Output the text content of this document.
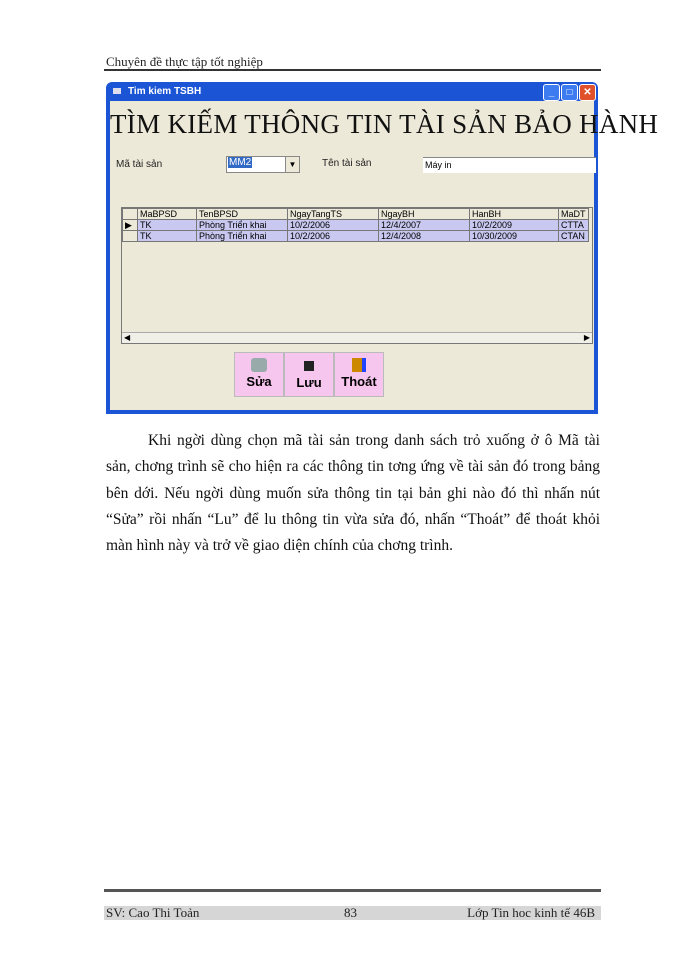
Chuyên đề thực tập tốt nghiệp
Tim kiem TSBH	_	□	✕
TÌM KIẾM THÔNG TIN TÀI SẢN BẢO HÀNH
Mã tài sản	MM2	▼	Tên tài sản	Máy in
	MaBPSD	TenBPSD	NgayTangTS	NgayBH	HanBH	MaDT
▶	TK	Phòng Triển khai	10/2/2006	12/4/2007	10/2/2009	CTTA
	TK	Phòng Triển khai	10/2/2006	12/4/2008	10/30/2009	CTAN
◀	▶
Sửa	Lưu	Thoát
Khi ngời dùng chọn mã tài sản trong danh sách trỏ xuống ở ô Mã tài sản, chơng trình sẽ cho hiện ra các thông tin tơng ứng về tài sản đó trong bảng bên dới. Nếu ngời dùng muốn sửa thông tin tại bản ghi nào đó thì nhấn nút “Sửa” rồi nhấn “Lu” để lu thông tin vừa sửa đó, nhấn “Thoát” để thoát khỏi màn hình này và trở về giao diện chính của chơng trình.
SV: Cao Thi Toản	83	Lớp Tin hoc kinh tế 46B
